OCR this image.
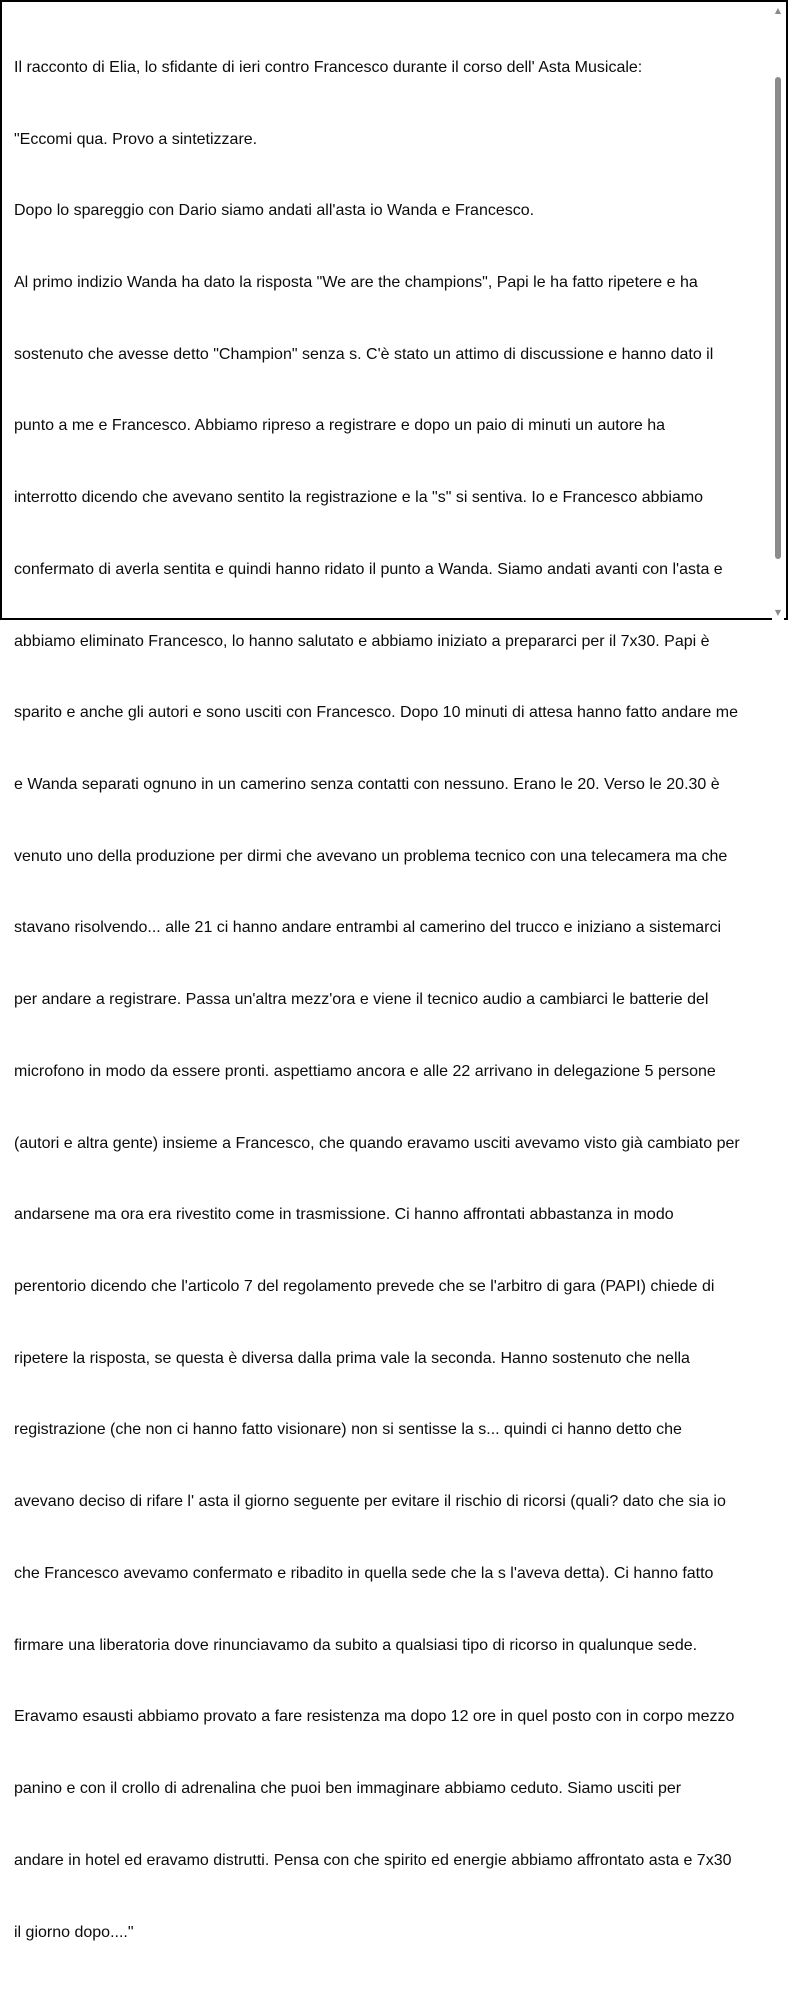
Il racconto di Elia, lo sfidante di ieri contro Francesco durante il corso dell' Asta Musicale:

"Eccomi qua. Provo a sintetizzare.

Dopo lo spareggio con Dario siamo andati all'asta io Wanda e Francesco.

Al primo indizio Wanda ha dato la risposta "We are the champions", Papi le ha fatto ripetere e ha

sostenuto che avesse detto "Champion" senza s. C'è stato un attimo di discussione e hanno dato il

punto a me e Francesco. Abbiamo ripreso a registrare e dopo un paio di minuti un autore ha

interrotto dicendo che avevano sentito la registrazione e la "s" si sentiva. Io e Francesco abbiamo

confermato di averla sentita e quindi hanno ridato il punto a Wanda. Siamo andati avanti con l'asta e

abbiamo eliminato Francesco, lo hanno salutato e abbiamo iniziato a prepararci per il 7x30. Papi è

sparito e anche gli autori e sono usciti con Francesco. Dopo 10 minuti di attesa hanno fatto andare me

e Wanda separati ognuno in un camerino senza contatti con nessuno. Erano le 20. Verso le 20.30 è

venuto uno della produzione per dirmi che avevano un problema tecnico con una telecamera ma che

stavano risolvendo... alle 21 ci hanno andare entrambi al camerino del trucco e iniziano a sistemarci

per andare a registrare. Passa un'altra mezz'ora e viene il tecnico audio a cambiarci le batterie del

microfono in modo da essere pronti. aspettiamo ancora e alle 22 arrivano in delegazione 5 persone

(autori e altra gente) insieme a Francesco, che quando eravamo usciti avevamo visto già cambiato per

andarsene ma ora era rivestito come in trasmissione. Ci hanno affrontati abbastanza in modo

perentorio dicendo che l'articolo 7 del regolamento prevede che se l'arbitro di gara (PAPI) chiede di

ripetere la risposta, se questa è diversa dalla prima vale la seconda. Hanno sostenuto che nella

registrazione (che non ci hanno fatto visionare) non si sentisse la s... quindi ci hanno detto che

avevano deciso di rifare l' asta il giorno seguente per evitare il rischio di ricorsi (quali? dato che sia io

che Francesco avevamo confermato e ribadito in quella sede che la s l'aveva detta). Ci hanno fatto

firmare una liberatoria dove rinunciavamo da subito a qualsiasi tipo di ricorso in qualunque sede.

Eravamo esausti abbiamo provato a fare resistenza ma dopo 12 ore in quel posto con in corpo mezzo

panino e con il crollo di adrenalina che puoi ben immaginare abbiamo ceduto. Siamo usciti per

andare in hotel ed eravamo distrutti. Pensa con che spirito ed energie abbiamo affrontato asta e 7x30

il giorno dopo...."

▲
▼
